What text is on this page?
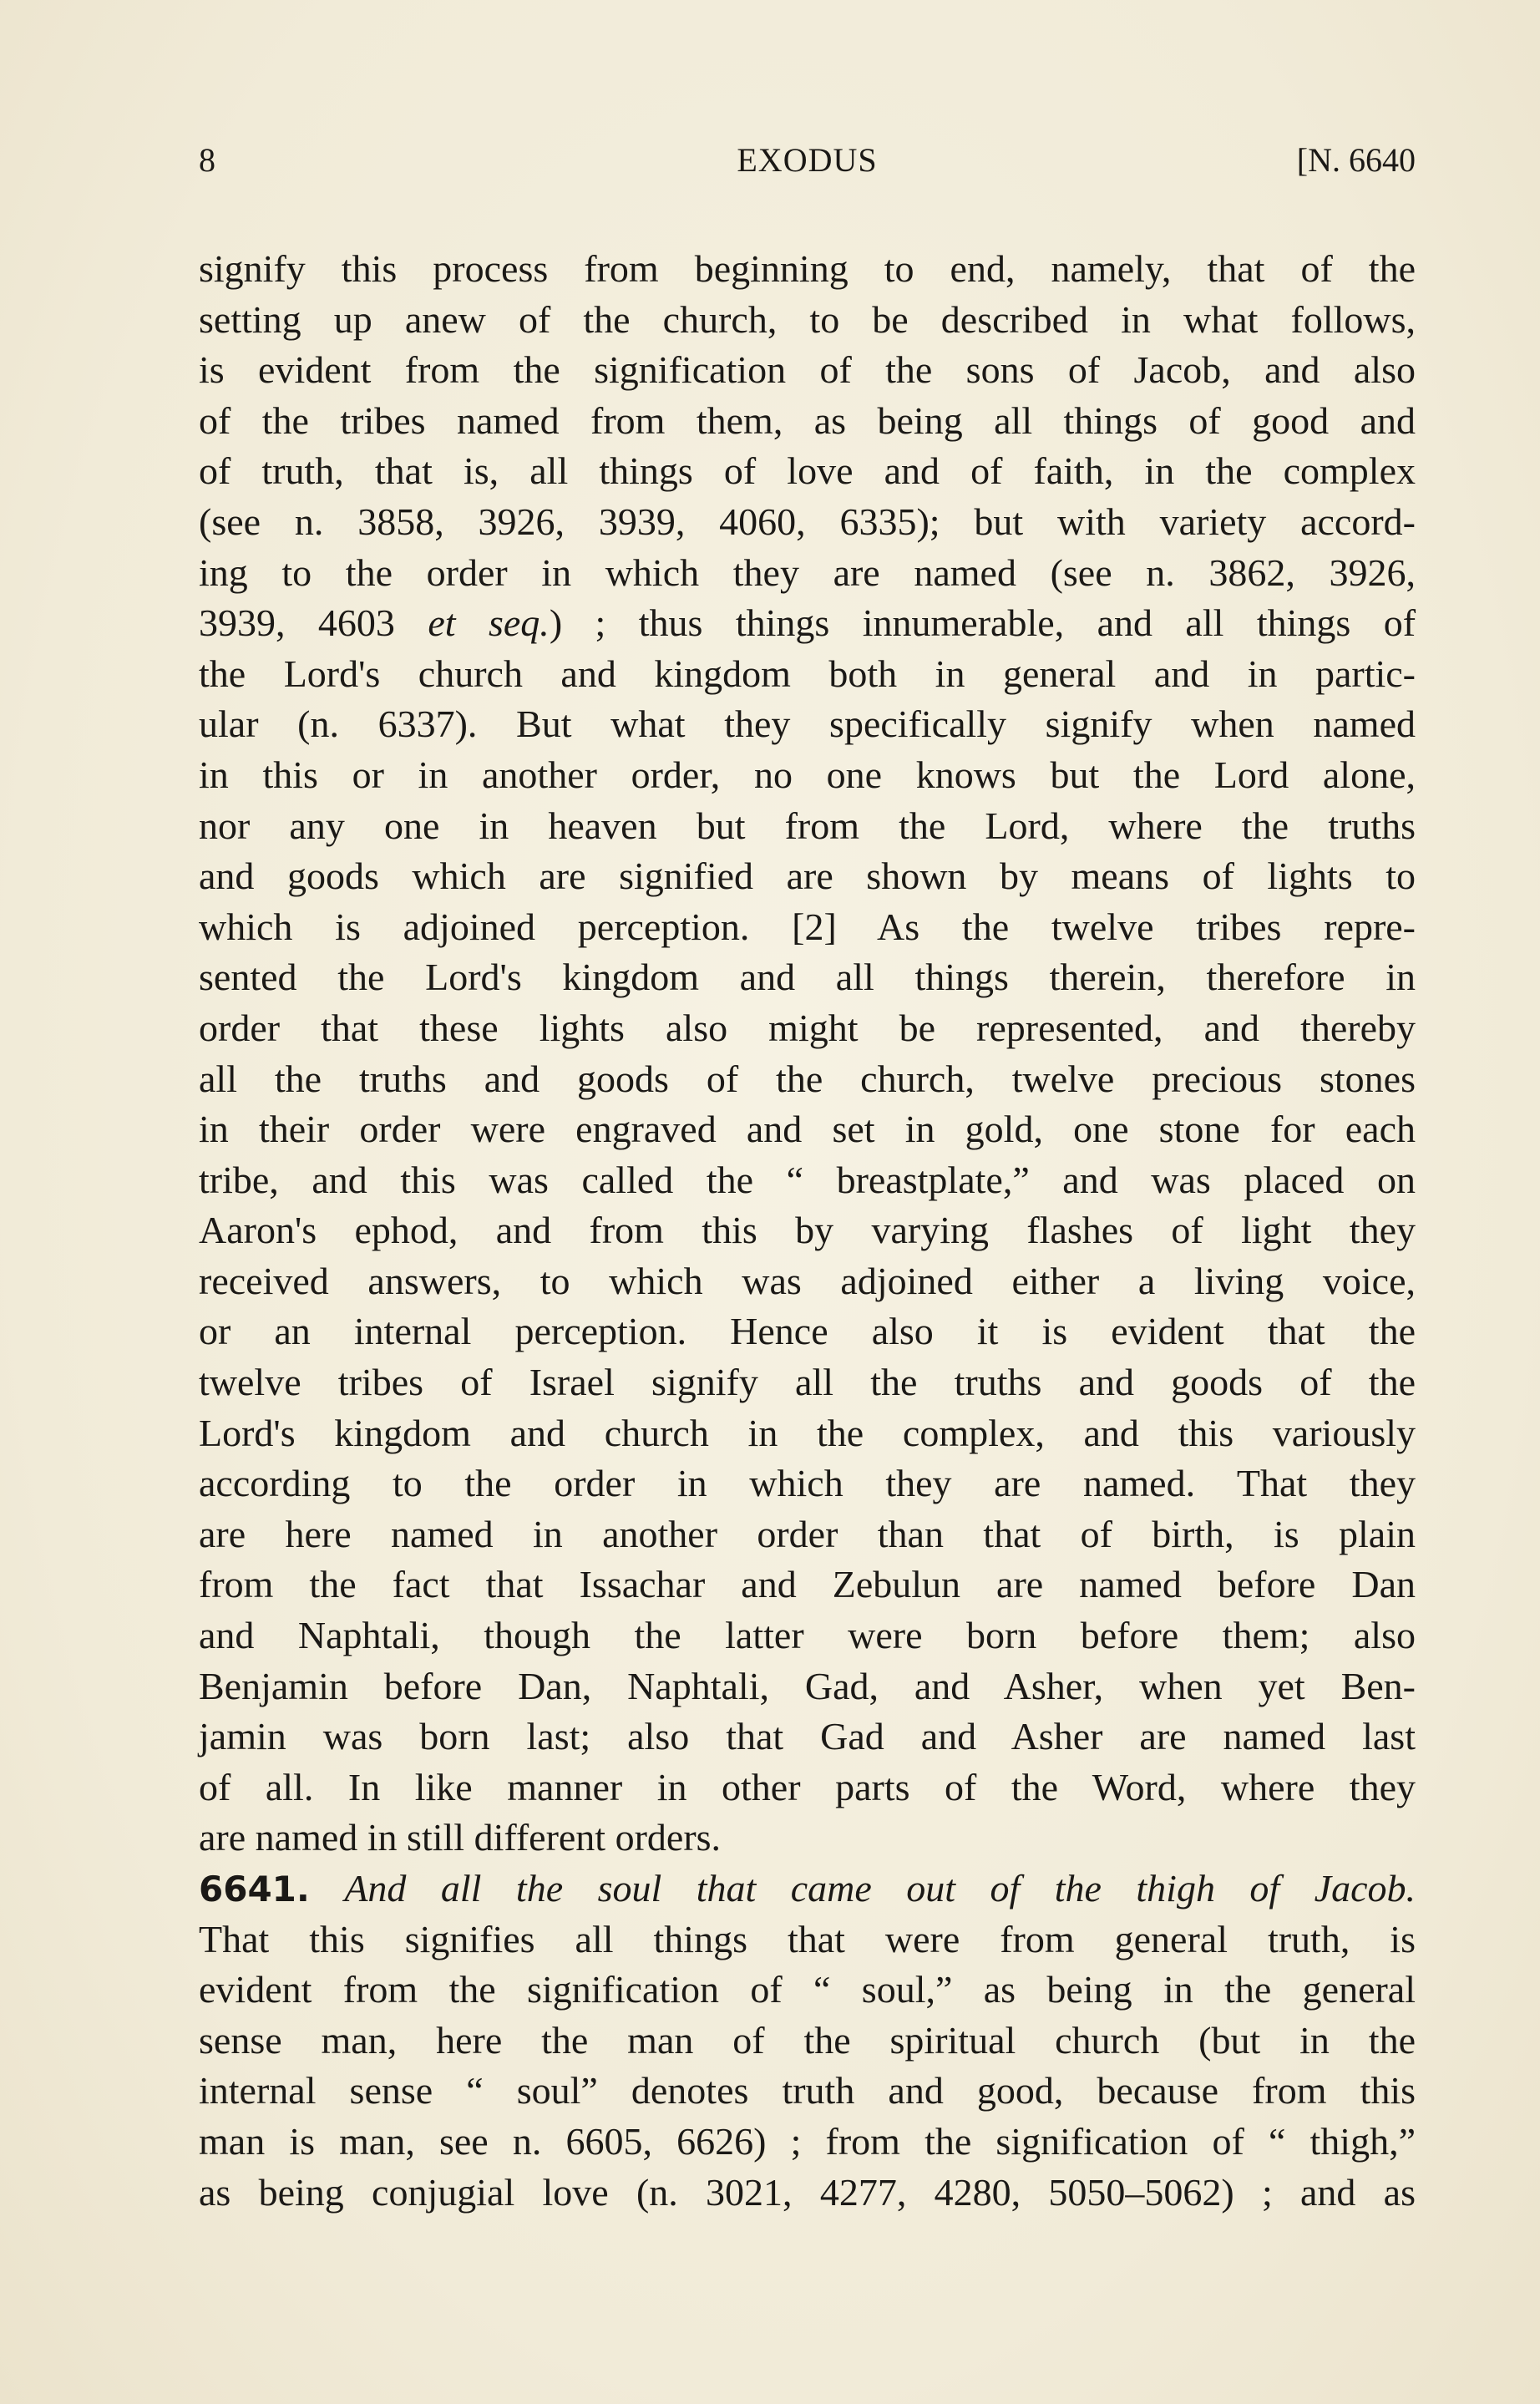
8	EXODUS	[N. 6640
signify this process from beginning to end, namely, that of the
setting up anew of the church, to be described in what follows,
is evident from the signification of the sons of Jacob, and also
of the tribes named from them, as being all things of good and
of truth, that is, all things of love and of faith, in the complex
(see n. 3858, 3926, 3939, 4060, 6335); but with variety accord-
ing to the order in which they are named (see n. 3862, 3926,
3939, 4603 et seq.) ; thus things innumerable, and all things of
the Lord's church and kingdom both in general and in partic-
ular (n. 6337). But what they specifically signify when named
in this or in another order, no one knows but the Lord alone,
nor any one in heaven but from the Lord, where the truths
and goods which are signified are shown by means of lights to
which is adjoined perception. [2] As the twelve tribes repre-
sented the Lord's kingdom and all things therein, therefore in
order that these lights also might be represented, and thereby
all the truths and goods of the church, twelve precious stones
in their order were engraved and set in gold, one stone for each
tribe, and this was called the “ breastplate,” and was placed on
Aaron's ephod, and from this by varying flashes of light they
received answers, to which was adjoined either a living voice,
or an internal perception. Hence also it is evident that the
twelve tribes of Israel signify all the truths and goods of the
Lord's kingdom and church in the complex, and this variously
according to the order in which they are named. That they
are here named in another order than that of birth, is plain
from the fact that Issachar and Zebulun are named before Dan
and Naphtali, though the latter were born before them; also
Benjamin before Dan, Naphtali, Gad, and Asher, when yet Ben-
jamin was born last; also that Gad and Asher are named last
of all. In like manner in other parts of the Word, where they
are named in still different orders.
6641. And all the soul that came out of the thigh of Jacob.
That this signifies all things that were from general truth, is
evident from the signification of “ soul,” as being in the general
sense man, here the man of the spiritual church (but in the
internal sense “ soul” denotes truth and good, because from this
man is man, see n. 6605, 6626) ; from the signification of “ thigh,”
as being conjugial love (n. 3021, 4277, 4280, 5050–5062) ; and as
